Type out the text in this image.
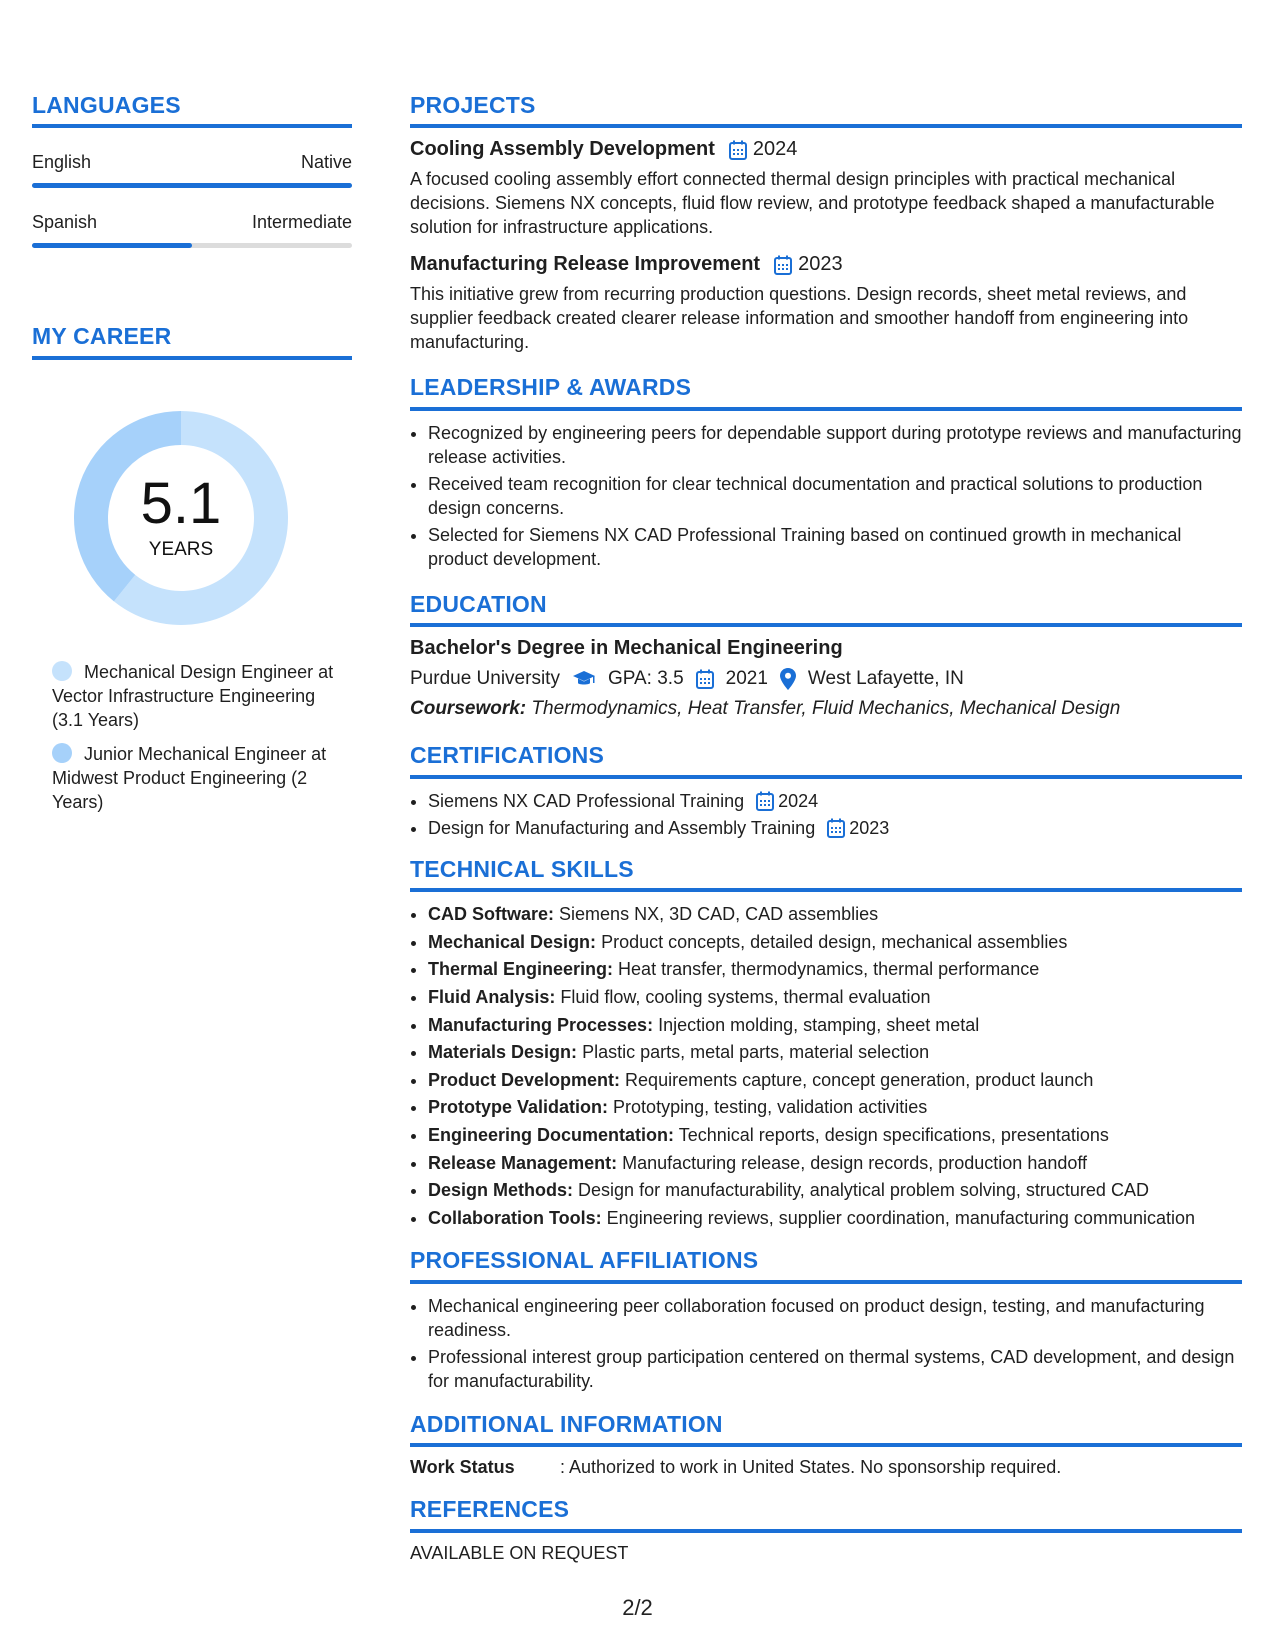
LANGUAGES
English	Native
Spanish	Intermediate
MY CAREER
5.1
YEARS
Mechanical Design Engineer at Vector Infrastructure Engineering (3.1 Years)
Junior Mechanical Engineer at Midwest Product Engineering (2 Years)
PROJECTS
Cooling Assembly Development 2024
A focused cooling assembly effort connected thermal design principles with practical mechanical decisions. Siemens NX concepts, fluid flow review, and prototype feedback shaped a manufacturable solution for infrastructure applications.
Manufacturing Release Improvement 2023
This initiative grew from recurring production questions. Design records, sheet metal reviews, and supplier feedback created clearer release information and smoother handoff from engineering into manufacturing.
LEADERSHIP & AWARDS
• Recognized by engineering peers for dependable support during prototype reviews and manufacturing release activities.
• Received team recognition for clear technical documentation and practical solutions to production design concerns.
• Selected for Siemens NX CAD Professional Training based on continued growth in mechanical product development.
EDUCATION
Bachelor's Degree in Mechanical Engineering
Purdue University	GPA: 3.5 2021 West Lafayette, IN
Coursework: Thermodynamics, Heat Transfer, Fluid Mechanics, Mechanical Design
CERTIFICATIONS
• Siemens NX CAD Professional Training 2024
• Design for Manufacturing and Assembly Training 2023
TECHNICAL SKILLS
• CAD Software: Siemens NX, 3D CAD, CAD assemblies
• Mechanical Design: Product concepts, detailed design, mechanical assemblies
• Thermal Engineering: Heat transfer, thermodynamics, thermal performance
• Fluid Analysis: Fluid flow, cooling systems, thermal evaluation
• Manufacturing Processes: Injection molding, stamping, sheet metal
• Materials Design: Plastic parts, metal parts, material selection
• Product Development: Requirements capture, concept generation, product launch
• Prototype Validation: Prototyping, testing, validation activities
• Engineering Documentation: Technical reports, design specifications, presentations
• Release Management: Manufacturing release, design records, production handoff
• Design Methods: Design for manufacturability, analytical problem solving, structured CAD
• Collaboration Tools: Engineering reviews, supplier coordination, manufacturing communication
PROFESSIONAL AFFILIATIONS
• Mechanical engineering peer collaboration focused on product design, testing, and manufacturing readiness.
• Professional interest group participation centered on thermal systems, CAD development, and design for manufacturability.
ADDITIONAL INFORMATION
Work Status	: Authorized to work in United States. No sponsorship required.
REFERENCES
AVAILABLE ON REQUEST
2/2
